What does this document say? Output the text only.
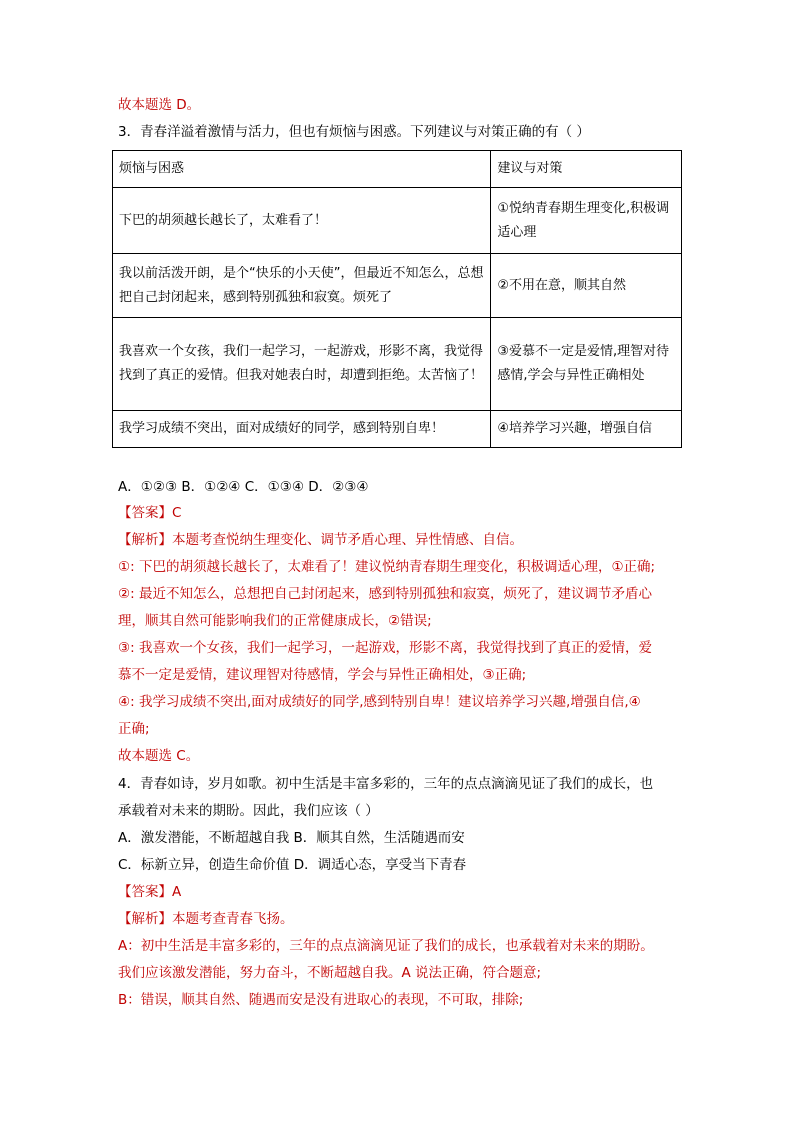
故本题选 D。
3．青春洋溢着激情与活力，但也有烦恼与困惑。下列建议与对策正确的有（ ）
烦恼与困惑	建议与对策
下巴的胡须越长越长了，太难看了！	①悦纳青春期生理变化,积极调适心理
我以前活泼开朗，是个“快乐的小天使”，但最近不知怎么，总想把自己封闭起来，感到特别孤独和寂寞。烦死了	②不用在意，顺其自然
我喜欢一个女孩，我们一起学习，一起游戏，形影不离，我觉得找到了真正的爱情。但我对她表白时，却遭到拒绝。太苦恼了！	③爱慕不一定是爱情,理智对待感情,学会与异性正确相处
我学习成绩不突出，面对成绩好的同学，感到特别自卑！	④培养学习兴趣，增强自信
A．①②③ B．①②④ C．①③④ D．②③④
【答案】C
【解析】本题考查悦纳生理变化、调节矛盾心理、异性情感、自信。
①: 下巴的胡须越长越长了，太难看了！建议悦纳青春期生理变化，积极调适心理，①正确;
②: 最近不知怎么，总想把自己封闭起来，感到特别孤独和寂寞，烦死了，建议调节矛盾心
理，顺其自然可能影响我们的正常健康成长，②错误;
③: 我喜欢一个女孩，我们一起学习，一起游戏，形影不离，我觉得找到了真正的爱情，爱
慕不一定是爱情，建议理智对待感情，学会与异性正确相处，③正确;
④: 我学习成绩不突出,面对成绩好的同学,感到特别自卑！建议培养学习兴趣,增强自信,④
正确;
故本题选 C。
4．青春如诗，岁月如歌。初中生活是丰富多彩的，三年的点点滴滴见证了我们的成长，也
承载着对未来的期盼。因此，我们应该（ ）
A．激发潜能，不断超越自我 B．顺其自然，生活随遇而安
C．标新立异，创造生命价值 D．调适心态，享受当下青春
【答案】A
【解析】本题考查青春飞扬。
A：初中生活是丰富多彩的，三年的点点滴滴见证了我们的成长，也承载着对未来的期盼。
我们应该激发潜能，努力奋斗，不断超越自我。A 说法正确，符合题意;
B：错误，顺其自然、随遇而安是没有进取心的表现，不可取，排除;
